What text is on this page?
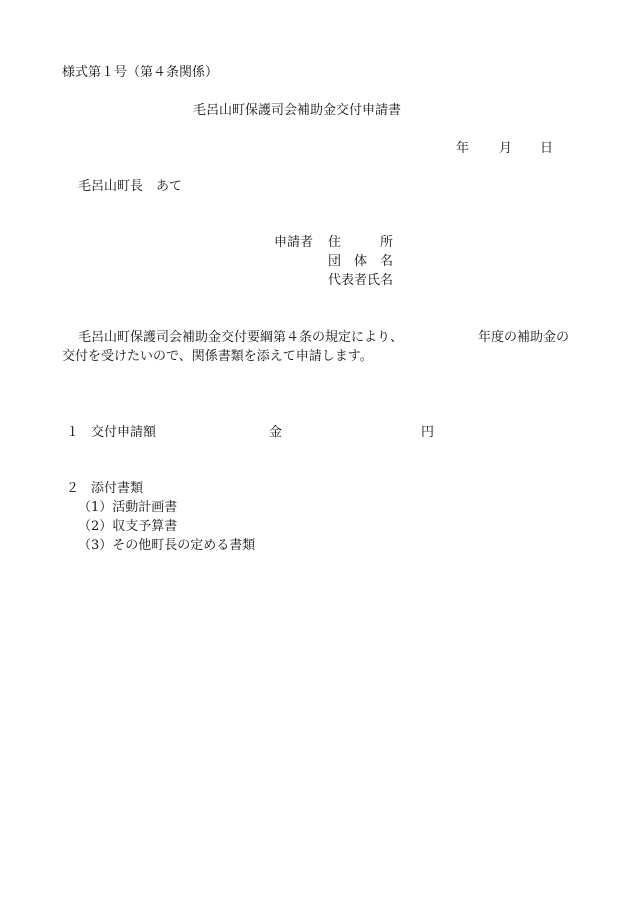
様式第１号（第４条関係）
毛呂山町保護司会補助金交付申請書
年 月 日
毛呂山町長　あて
申請者 住　　　所
団　体　名
代表者氏名
毛呂山町保護司会補助金交付要綱第４条の規定により、	年度の補助金の
交付を受けたいので、関係書類を添えて申請します。
１ 交付申請額	金	円
２ 添付書類
（1）活動計画書
（2）収支予算書
（3）その他町長の定める書類
